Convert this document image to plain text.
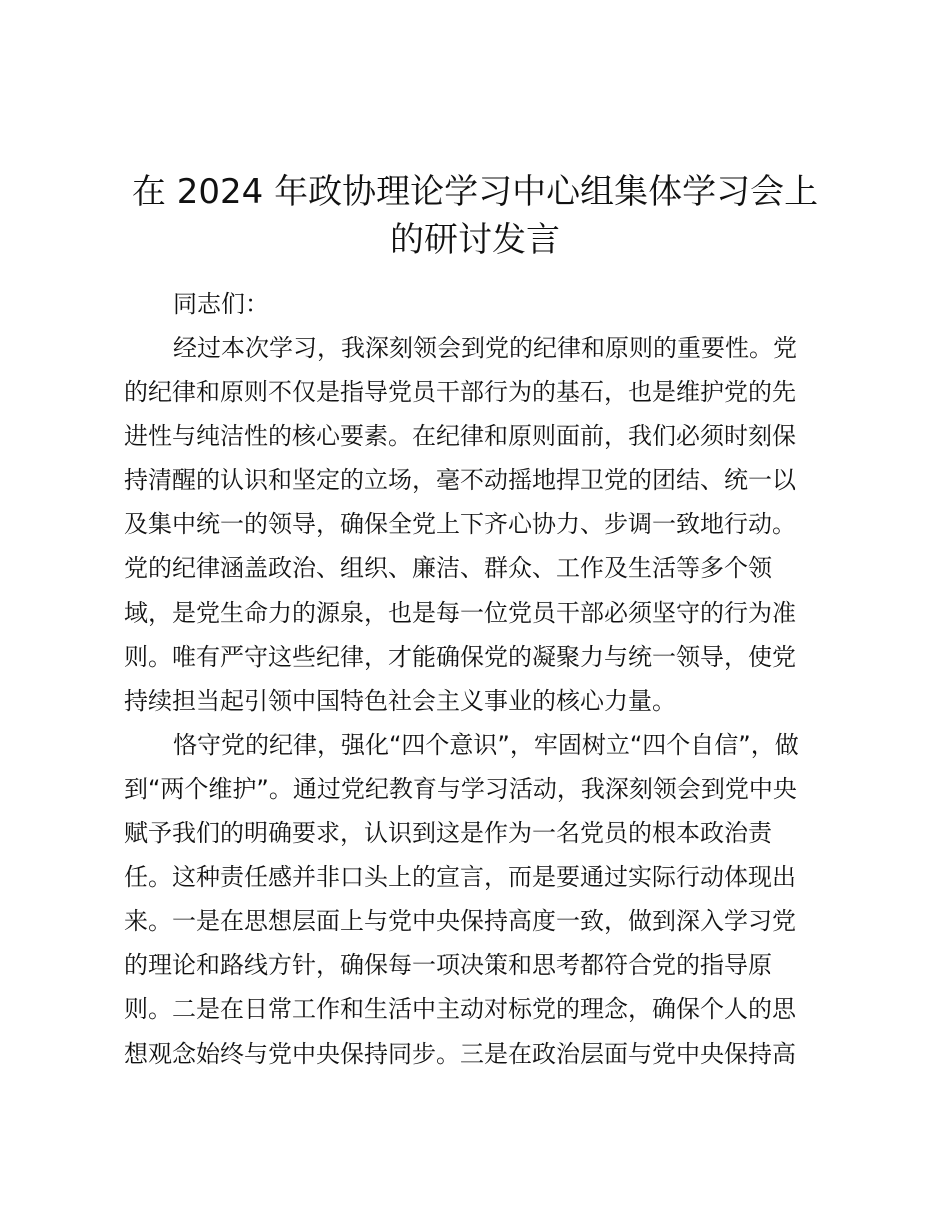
在 2024 年政协理论学习中心组集体学习会上
的研讨发言
同志们：
经过本次学习，我深刻领会到党的纪律和原则的重要性。党
的纪律和原则不仅是指导党员干部行为的基石，也是维护党的先
进性与纯洁性的核心要素。在纪律和原则面前，我们必须时刻保
持清醒的认识和坚定的立场，毫不动摇地捍卫党的团结、统一以
及集中统一的领导，确保全党上下齐心协力、步调一致地行动。
党的纪律涵盖政治、组织、廉洁、群众、工作及生活等多个领
域，是党生命力的源泉，也是每一位党员干部必须坚守的行为准
则。唯有严守这些纪律，才能确保党的凝聚力与统一领导，使党
持续担当起引领中国特色社会主义事业的核心力量。
恪守党的纪律，强化“四个意识”，牢固树立“四个自信”，做
到“两个维护”。通过党纪教育与学习活动，我深刻领会到党中央
赋予我们的明确要求，认识到这是作为一名党员的根本政治责
任。这种责任感并非口头上的宣言，而是要通过实际行动体现出
来。一是在思想层面上与党中央保持高度一致，做到深入学习党
的理论和路线方针，确保每一项决策和思考都符合党的指导原
则。二是在日常工作和生活中主动对标党的理念，确保个人的思
想观念始终与党中央保持同步。三是在政治层面与党中央保持高
